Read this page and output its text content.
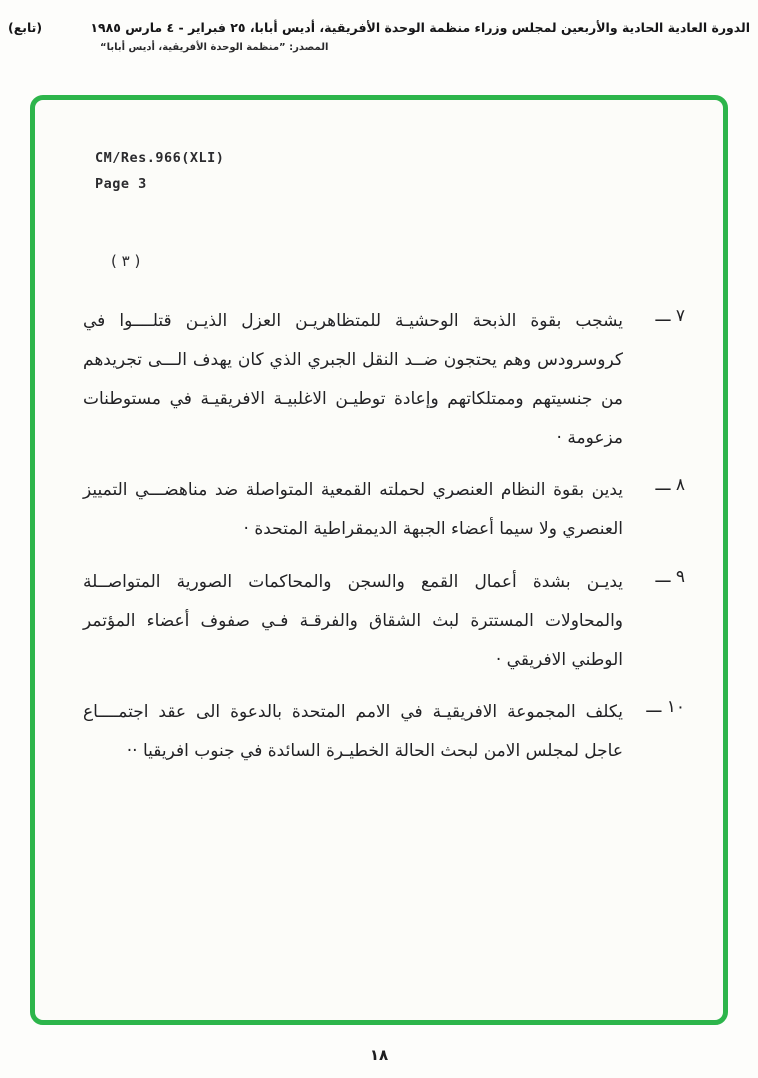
(تابع)	الدورة العادية الحادية والأربعين لمجلس وزراء منظمة الوحدة الأفريقية، أديس أبابا، ٢٥ فبراير - ٤ مارس ١٩٨٥
المصدر: ”منظمة الوحدة الأفريقية، أديس أبابا“
CM/Res.966(XLI)
Page 3
( ٣ )
٧ ـــ
يشجب بقوة الذبحة الوحشيـة للمتظاهريـن العزل الذيـن قتلــــوا في كروسرودس وهم يحتجون ضــد النقل الجبري الذي كان يهدف الـــى تجريدهم من جنسيتهم وممتلكاتهم وإعادة توطيـن الاغلبيـة الافريقيـة في مستوطنات مزعومة ·
٨ ـــ
يدين بقوة النظام العنصري لحملته القمعية المتواصلة ضد مناهضـــي التمييز العنصري ولا سيما أعضاء الجبهة الديمقراطية المتحدة ·
٩ ـــ
يديـن بشدة أعمال القمع والسجن والمحاكمات الصورية المتواصــلة والمحاولات المستترة لبث الشقاق والفرقـة فـي صفوف أعضاء المؤتمر الوطني الافريقي ·
١٠ ـــ
يكلف المجموعة الافريقيـة في الامم المتحدة بالدعوة الى عقد اجتمــــاع عاجل لمجلس الامن لبحث الحالة الخطيـرة السائدة في جنوب افريقيا ··
١٨
